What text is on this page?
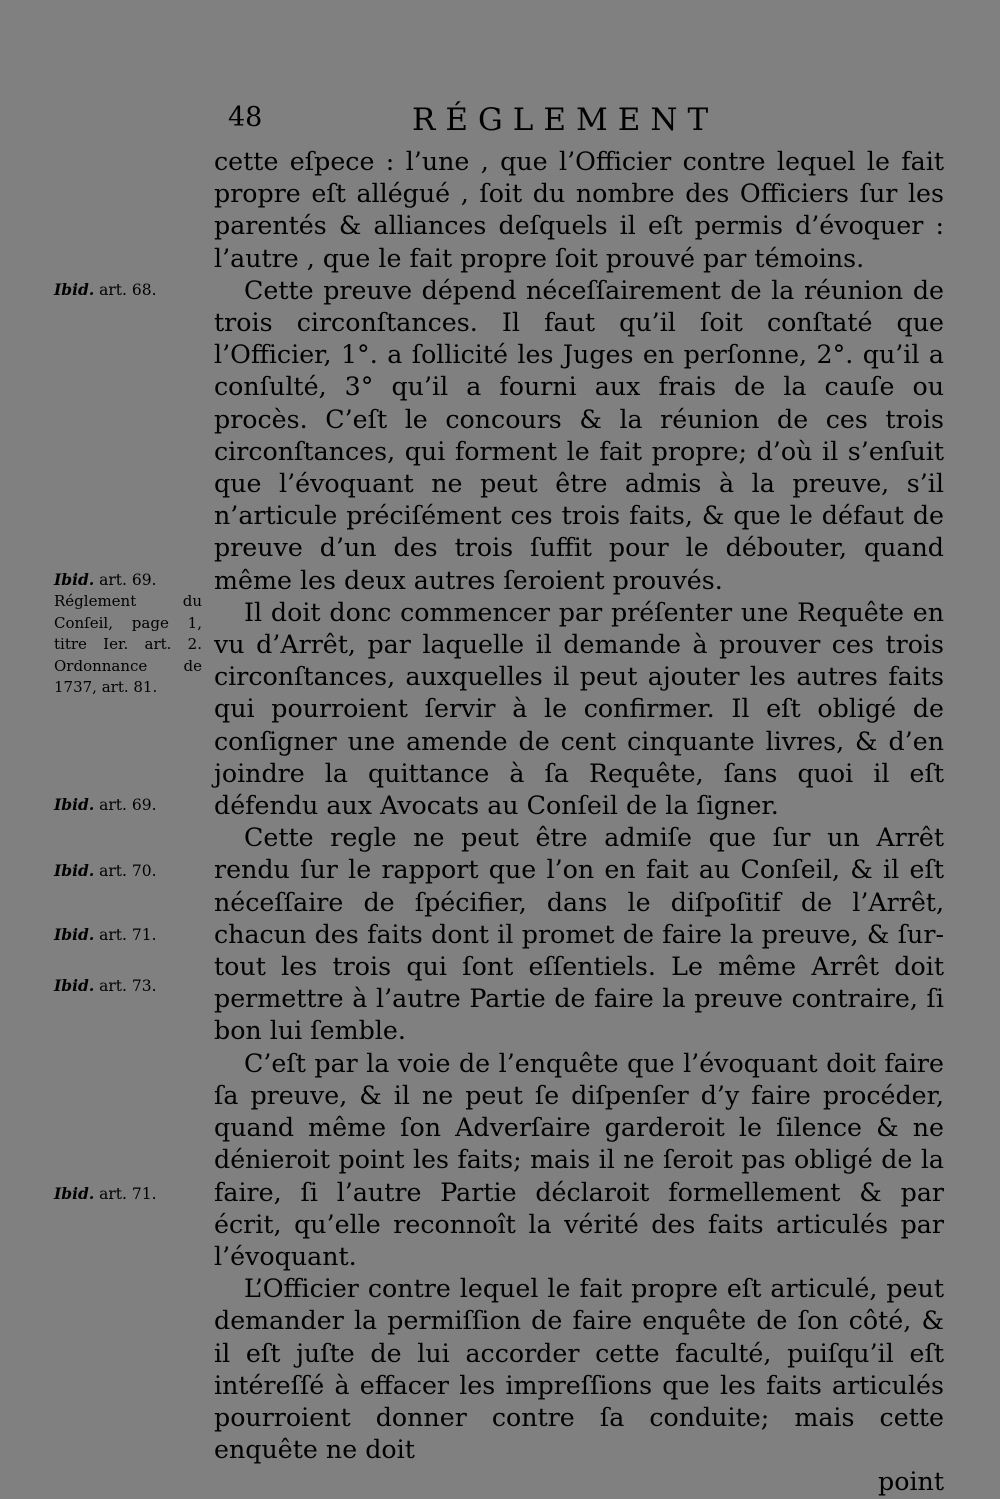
48	RÉGLEMENT

cette eſpece : l’une , que l’Officier contre lequel le fait propre eſt allégué , ſoit du nombre des Officiers ſur les parentés & alliances deſquels il eſt permis d’évoquer : l’autre , que le fait propre ſoit prouvé par témoins.

Cette preuve dépend néceſſairement de la réunion de trois circonſtances. Il faut qu’il ſoit conſtaté que l’Officier, 1°. a ſollicité les Juges en perſonne, 2°. qu’il a conſulté, 3° qu’il a fourni aux frais de la cauſe ou procès. C’eſt le concours & la réunion de ces trois circonſtances, qui forment le fait propre; d’où il s’enſuit que l’évoquant ne peut être admis à la preuve, s’il n’articule préciſément ces trois faits, & que le défaut de preuve d’un des trois ſuffit pour le débouter, quand même les deux autres ſeroient prouvés.

Il doit donc commencer par préſenter une Requête en vu d’Arrêt, par laquelle il demande à prouver ces trois circonſtances, auxquelles il peut ajouter les autres faits qui pourroient ſervir à le confirmer. Il eſt obligé de conſigner une amende de cent cinquante livres, & d’en joindre la quittance à ſa Requête, ſans quoi il eſt défendu aux Avocats au Conſeil de la ſigner.

Cette regle ne peut être admiſe que ſur un Arrêt rendu ſur le rapport que l’on en fait au Conſeil, & il eſt néceſſaire de ſpécifier, dans le diſpoſitif de l’Arrêt, chacun des faits dont il promet de faire la preuve, & ſur-tout les trois qui ſont eſſentiels. Le même Arrêt doit permettre à l’autre Partie de faire la preuve contraire, ſi bon lui ſemble.

C’eſt par la voie de l’enquête que l’évoquant doit faire ſa preuve, & il ne peut ſe diſpenſer d’y faire procéder, quand même ſon Adverſaire garderoit le ſilence & ne dénieroit point les faits; mais il ne ſeroit pas obligé de la faire, ſi l’autre Partie déclaroit formellement & par écrit, qu’elle reconnoît la vérité des faits articulés par l’évoquant.

L’Officier contre lequel le fait propre eſt articulé, peut demander la permiſſion de faire enquête de ſon côté, & il eſt juſte de lui accorder cette faculté, puiſqu’il eſt intéreſſé à effacer les impreſſions que les faits articulés pourroient donner contre ſa conduite; mais cette enquête ne doit

point

Ibid. art. 68.
Ibid. art. 69.
Réglement du Conſeil, page 1, titre Ier. art. 2. Ordonnance de 1737, art. 81.
Ibid. art. 69.
Ibid. art. 70.
Ibid. art. 71.
Ibid. art. 73.
Ibid. art. 71.
